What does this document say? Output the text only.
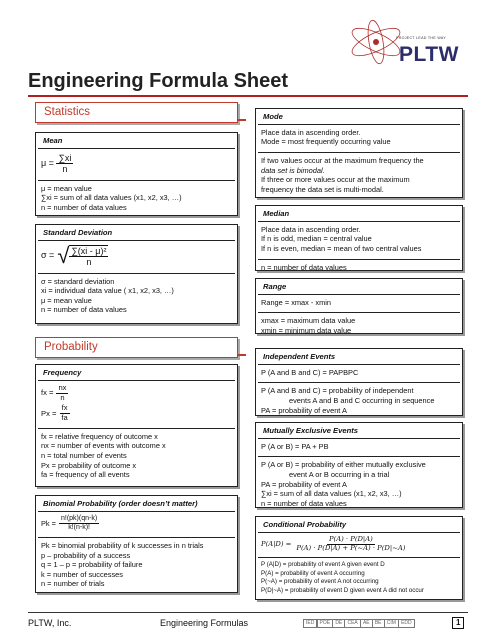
PROJECT LEAD THE WAY
PLTW
Engineering Formula Sheet
Statistics
Mean
$\mu = \frac{\sum xi}{n}$

μ = mean value

∑xi = sum of all data values (x1, x2, x3, …)

n = number of data values

Standard Deviation
σ = √ $\frac{\text{∑(xi - μ)²}}{n}$

σ = standard deviation

xi = individual data value ( x1, x2, x3, …)

μ = mean value

n = number of data values

Probability
Frequency
fx = $\frac{nx}{n}$
$Px = \frac{fx}{fa}$

fx = relative frequency of outcome x

nx = number of events with outcome x

n = total number of events

Px = probability of outcome x

fa = frequency of all events

Binomial Probability (order doesn’t matter)
$Pk = \frac{n!(pk)(qn-k)}{k!(n-k)!}$

Pk = binomial probability of k successes in n trials

p – probability of a success

q = 1 – p = probability of failure

k = number of successes

n = number of trials

Mode

Place data in ascending order.

Mode = most frequently occurring value

If two values occur at the maximum frequency the

data set is bimodal.

If three or more values occur at the maximum

frequency the data set is multi-modal.

Median

Place data in ascending order.

If n is odd, median = central value

If n is even, median = mean of two central values

n = number of data values

Range

Range = xmax - xmin

xmax = maximum data value

xmin = minimum data value

Independent Events

P (A and B and C) = PAPBPC

P (A and B and C) = probability of independent

events A and B and C occurring in sequence

PA = probability of event A

Mutually Exclusive Events

P (A or B) = PA + PB

P (A or B) = probability of either mutually exclusive

event A or B occurring in a trial

PA = probability of event A

∑xi = sum of all data values (x1, x2, x3, …)

n = number of data values

Conditional Probability
$P(A|D) = \frac{P(A) \cdot P(D|A)}{P(A) \cdot P(D|A) + P(\sim A) \cdot P(D|\sim A)}$

P (A|D) = probability of event A given event D

P(A) = probability of event A occurring

P(~A) = probability of event A not occurring

P(D|~A) = probability of event D given event A did not occur

PLTW, Inc.	Engineering Formulas	IED	POE	DE	CEA	AE	BE	CIM	EDD	1
